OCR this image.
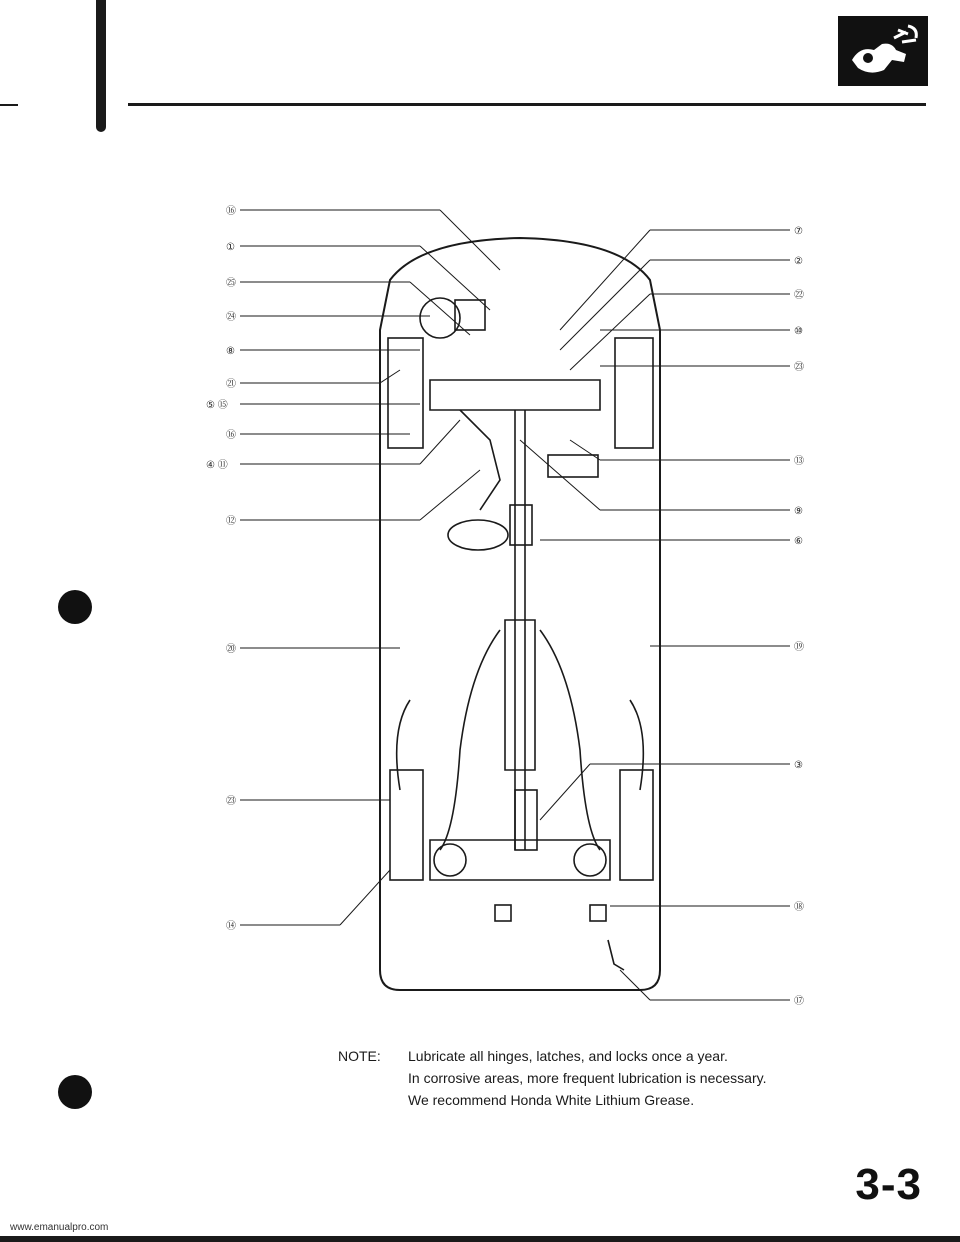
⑯
①
㉕
㉔
⑧
㉑
⑤ ⑮
⑯
④ ⑪
⑫
⑳
㉓
⑭
⑦
②
㉒
⑩
㉓
⑬
⑨
⑥
⑲
③
⑱
⑰
NOTE: Lubricate all hinges, latches, and locks once a year.
In corrosive areas, more frequent lubrication is necessary.
We recommend Honda White Lithium Grease.
3-3
www.emanualpro.com
